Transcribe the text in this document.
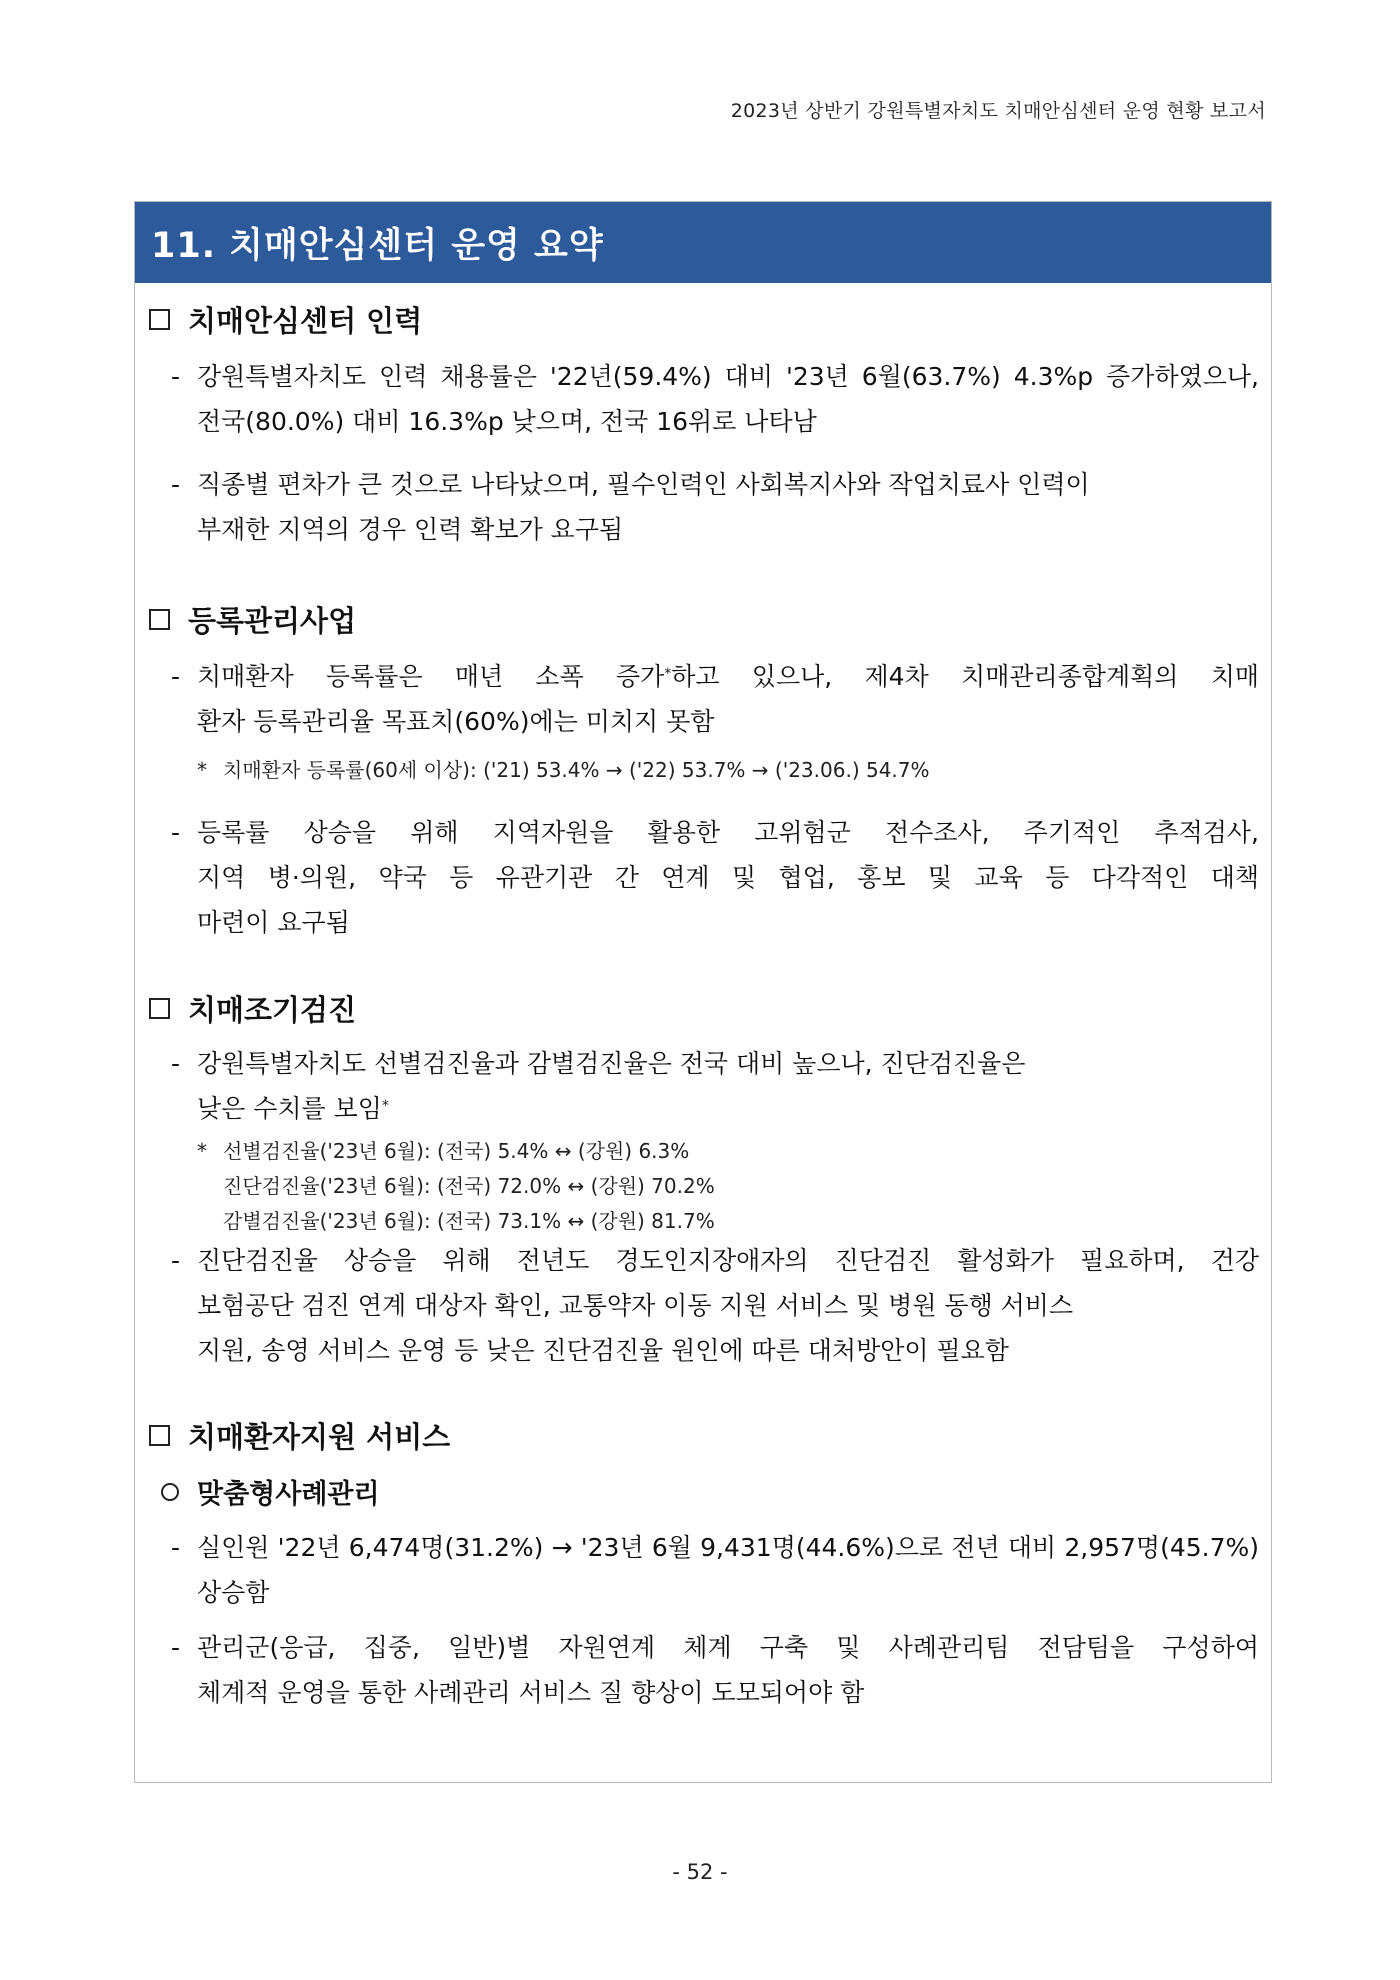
2023년 상반기 강원특별자치도 치매안심센터 운영 현황 보고서
11. 치매안심센터 운영 요약
치매안심센터 인력
- 강원특별자치도 인력 채용률은 '22년(59.4%) 대비 '23년 6월(63.7%) 4.3%p 증가하였으나,
전국(80.0%) 대비 16.3%p 낮으며, 전국 16위로 나타남
- 직종별 편차가 큰 것으로 나타났으며, 필수인력인 사회복지사와 작업치료사 인력이
부재한 지역의 경우 인력 확보가 요구됨
등록관리사업
- 치매환자 등록률은 매년 소폭 증가*하고 있으나, 제4차 치매관리종합계획의 치매
환자 등록관리율 목표치(60%)에는 미치지 못함
* 치매환자 등록률(60세 이상): ('21) 53.4% → ('22) 53.7% → ('23.06.) 54.7%
- 등록률 상승을 위해 지역자원을 활용한 고위험군 전수조사, 주기적인 추적검사,
지역 병·의원, 약국 등 유관기관 간 연계 및 협업, 홍보 및 교육 등 다각적인 대책
마련이 요구됨
치매조기검진
- 강원특별자치도 선별검진율과 감별검진율은 전국 대비 높으나, 진단검진율은
낮은 수치를 보임*
* 선별검진율('23년 6월): (전국) 5.4% ↔ (강원) 6.3%
진단검진율('23년 6월): (전국) 72.0% ↔ (강원) 70.2%
감별검진율('23년 6월): (전국) 73.1% ↔ (강원) 81.7%
- 진단검진율 상승을 위해 전년도 경도인지장애자의 진단검진 활성화가 필요하며, 건강
보험공단 검진 연계 대상자 확인, 교통약자 이동 지원 서비스 및 병원 동행 서비스
지원, 송영 서비스 운영 등 낮은 진단검진율 원인에 따른 대처방안이 필요함
치매환자지원 서비스
맞춤형사례관리
- 실인원 '22년 6,474명(31.2%) → '23년 6월 9,431명(44.6%)으로 전년 대비 2,957명(45.7%)
상승함
- 관리군(응급, 집중, 일반)별 자원연계 체계 구축 및 사례관리팀 전담팀을 구성하여
체계적 운영을 통한 사례관리 서비스 질 향상이 도모되어야 함
- 52 -
